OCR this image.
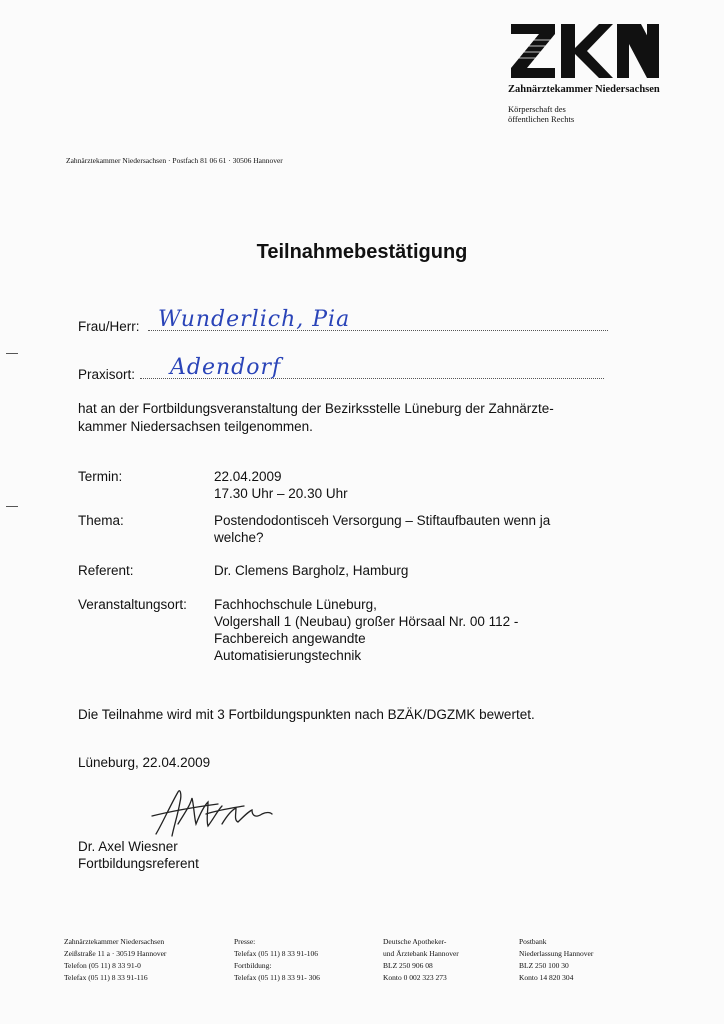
Zahnärztekammer Niedersachsen
Körperschaft des
öffentlichen Rechts
Zahnärztekammer Niedersachsen · Postfach 81 06 61 · 30506 Hannover
Teilnahmebestätigung
Frau/Herr: Wunderlich, Pia
Praxisort: Adendorf
hat an der Fortbildungsveranstaltung der Bezirksstelle Lüneburg der Zahnärzte-
kammer Niedersachsen teilgenommen.
Termin:	22.04.2009
17.30 Uhr – 20.30 Uhr
Thema:	Postendodontisceh Versorgung – Stiftaufbauten wenn ja
welche?
Referent:	Dr. Clemens Bargholz, Hamburg
Veranstaltungsort: Fachhochschule Lüneburg,
Volgershall 1 (Neubau) großer Hörsaal Nr. 00 112 -
Fachbereich angewandte
Automatisierungstechnik
Die Teilnahme wird mit 3 Fortbildungspunkten nach BZÄK/DGZMK bewertet.
Lüneburg, 22.04.2009
Dr. Axel Wiesner
Fortbildungsreferent
Zahnärztekammer Niedersachsen
Zeißstraße 11 a · 30519 Hannover
Telefon (05 11) 8 33 91-0
Telefax (05 11) 8 33 91-116
Presse:
Telefax (05 11) 8 33 91-106
Fortbildung:
Telefax (05 11) 8 33 91- 306
Deutsche Apotheker-
und Ärztebank Hannover
BLZ 250 906 08
Konto 0 002 323 273
Postbank
Niederlassung Hannover
BLZ 250 100 30
Konto 14 820 304
